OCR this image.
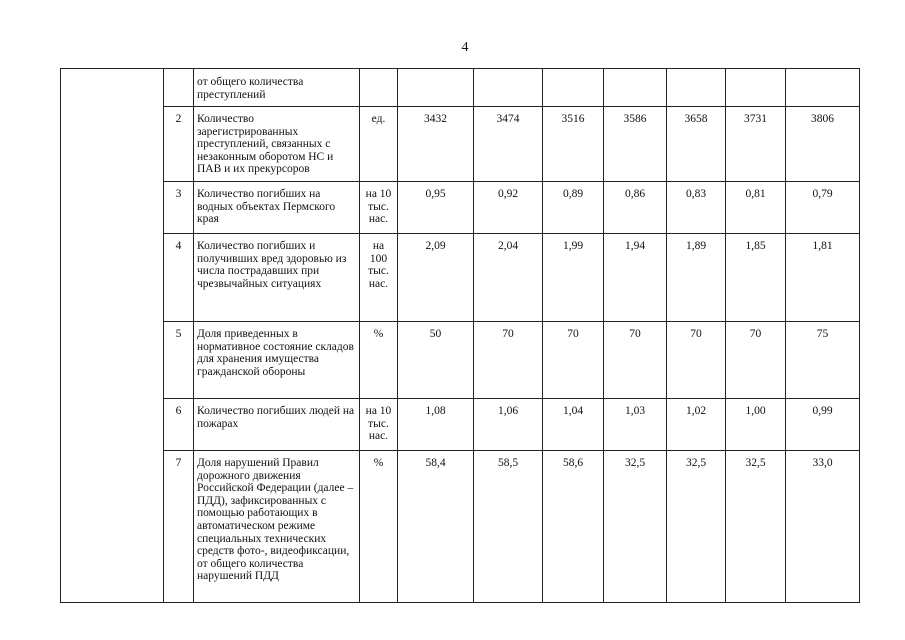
4
		от общего количества преступлений								
	2	Количество зарегистрированных преступлений, связанных с незаконным оборотом НС и ПАВ и их прекурсоров	ед.	3432	3474	3516	3586	3658	3731	3806
	3	Количество погибших на водных объектах Пермского края	на 10 тыс. нас.	0,95	0,92	0,89	0,86	0,83	0,81	0,79
	4	Количество погибших и получивших вред здоровью из числа пострадавших при чрезвычайных ситуациях	на 100 тыс. нас.	2,09	2,04	1,99	1,94	1,89	1,85	1,81
	5	Доля приведенных в нормативное состояние складов для хранения имущества гражданской обороны	%	50	70	70	70	70	70	75
	6	Количество погибших людей на пожарах	на 10 тыс. нас.	1,08	1,06	1,04	1,03	1,02	1,00	0,99
	7	Доля нарушений Правил дорожного движения Российской Федерации (далее – ПДД), зафиксированных с помощью работающих в автоматическом режиме специальных технических средств фото-, видеофиксации, от общего количества нарушений ПДД	%	58,4	58,5	58,6	32,5	32,5	32,5	33,0
